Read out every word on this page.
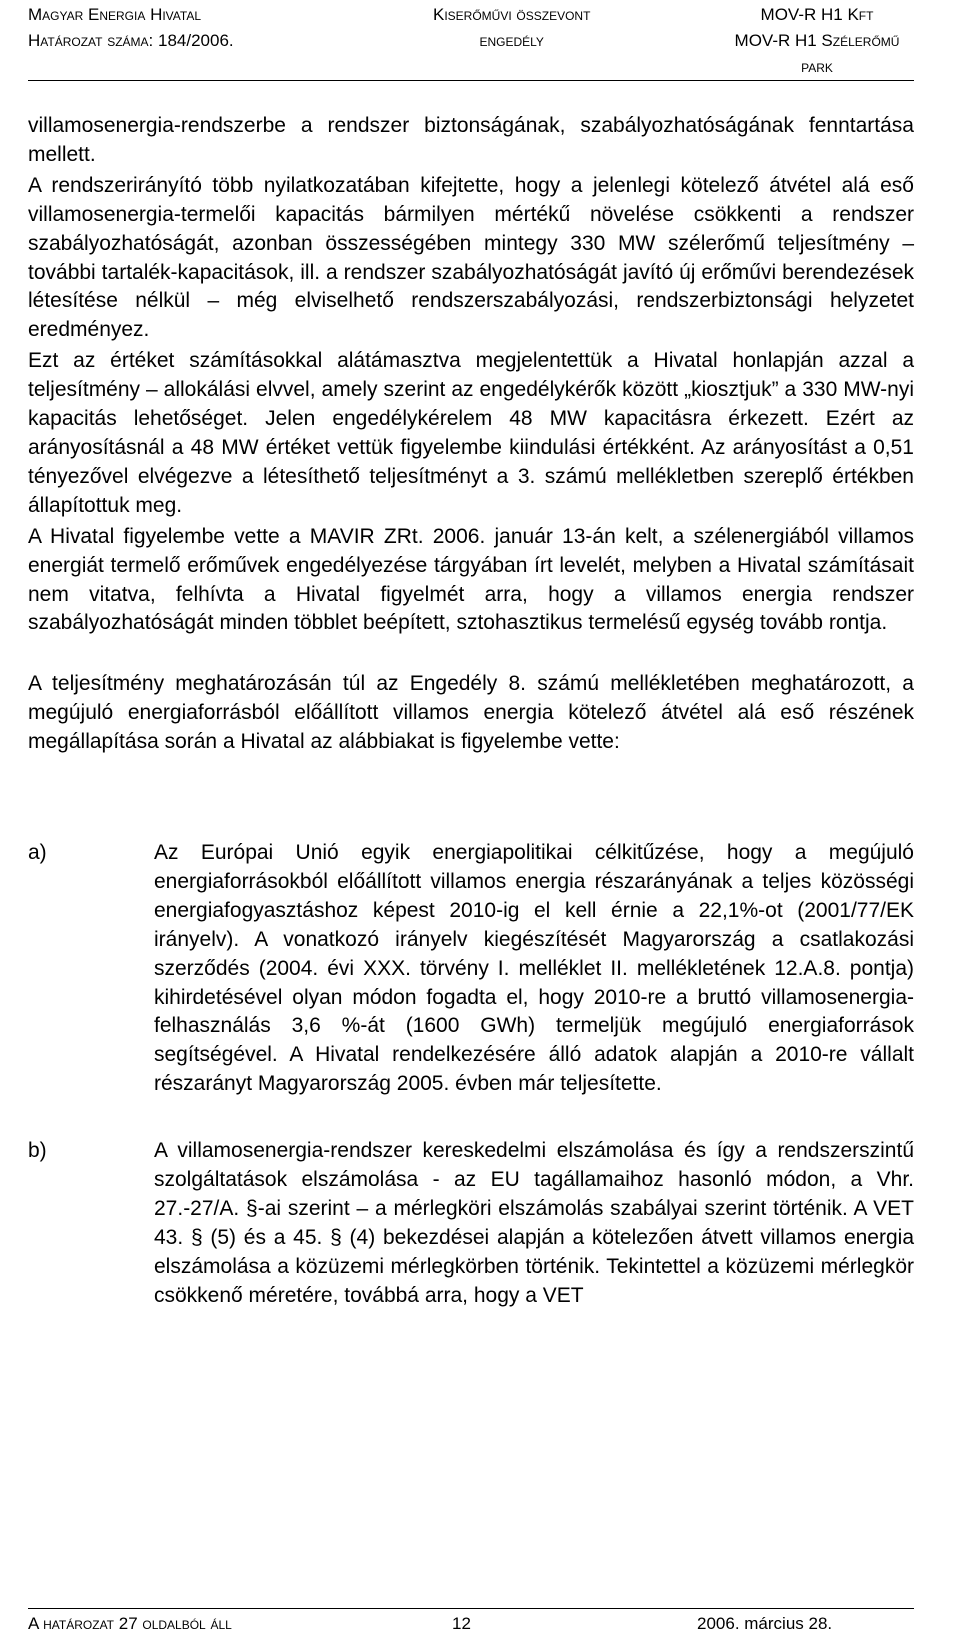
Magyar Energia Hivatal
Határozat száma: 184/2006.
Kiserőművi összevont
engedély
MOV-R H1 Kft
MOV-R H1 Szélerőmű
park

villamosenergia-rendszerbe a rendszer biztonságának, szabályozhatóságának fenntartása mellett.

A rendszerirányító több nyilatkozatában kifejtette, hogy a jelenlegi kötelező átvétel alá eső villamosenergia-termelői kapacitás bármilyen mértékű növelése csökkenti a rendszer szabályozhatóságát, azonban összességében mintegy 330 MW szélerőmű teljesítmény – további tartalék-kapacitások, ill. a rendszer szabályozhatóságát javító új erőművi berendezések létesítése nélkül – még elviselhető rendszerszabályozási, rendszerbiztonsági helyzetet eredményez.

Ezt az értéket számításokkal alátámasztva megjelentettük a Hivatal honlapján azzal a teljesítmény – allokálási elvvel, amely szerint az engedélykérők között „kiosztjuk” a 330 MW-nyi kapacitás lehetőséget. Jelen engedélykérelem 48 MW kapacitásra érkezett. Ezért az arányosításnál a 48 MW értéket vettük figyelembe kiindulási értékként. Az arányosítást a 0,51 tényezővel elvégezve a létesíthető teljesítményt a 3. számú mellékletben szereplő értékben állapítottuk meg.

A Hivatal figyelembe vette a MAVIR ZRt. 2006. január 13-án kelt, a szélenergiából villamos energiát termelő erőművek engedélyezése tárgyában írt levelét, melyben a Hivatal számításait nem vitatva, felhívta a Hivatal figyelmét arra, hogy a villamos energia rendszer szabályozhatóságát minden többlet beépített, sztohasztikus termelésű egység tovább rontja.

A teljesítmény meghatározásán túl az Engedély 8. számú mellékletében meghatározott, a megújuló energiaforrásból előállított villamos energia kötelező átvétel alá eső részének megállapítása során a Hivatal az alábbiakat is figyelembe vette:

a)	Az Európai Unió egyik energiapolitikai célkitűzése, hogy a megújuló energiaforrásokból előállított villamos energia részarányának a teljes közösségi energiafogyasztáshoz képest 2010-ig el kell érnie a 22,1%-ot (2001/77/EK irányelv). A vonatkozó irányelv kiegészítését Magyarország a csatlakozási szerződés (2004. évi XXX. törvény I. melléklet II. mellékletének 12.A.8. pontja) kihirdetésével olyan módon fogadta el, hogy 2010-re a bruttó villamosenergia-felhasználás 3,6 %-át (1600 GWh) termeljük megújuló energiaforrások segítségével. A Hivatal rendelkezésére álló adatok alapján a 2010-re vállalt részarányt Magyarország 2005. évben már teljesítette.
b)	A villamosenergia-rendszer kereskedelmi elszámolása és így a rendszerszintű szolgáltatások elszámolása - az EU tagállamaihoz hasonló módon, a Vhr. 27.-27/A. §-ai szerint – a mérlegköri elszámolás szabályai szerint történik. A VET 43. § (5) és a 45. § (4) bekezdései alapján a kötelezően átvett villamos energia elszámolása a közüzemi mérlegkörben történik. Tekintettel a közüzemi mérlegkör csökkenő méretére, továbbá arra, hogy a VET
A határozat 27 oldalból áll	12	2006. március 28.
